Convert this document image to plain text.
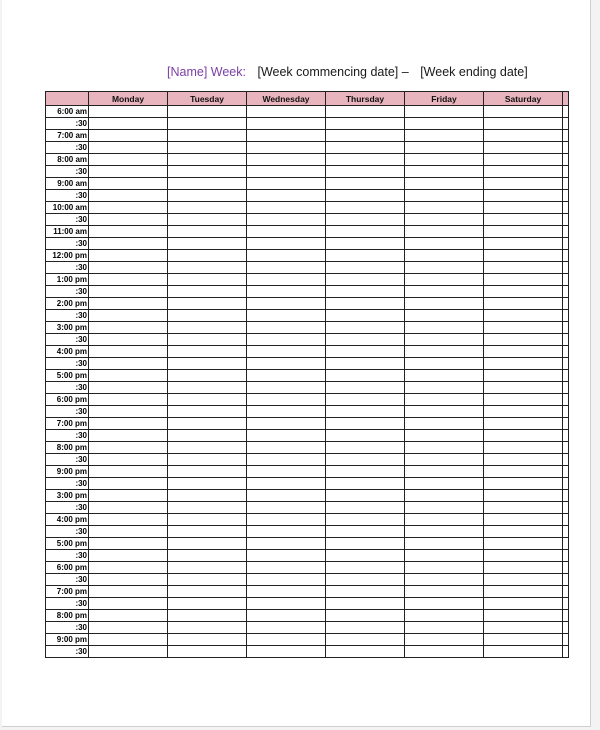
[Name] Week: [Week commencing date] – [Week ending date]
	Monday	Tuesday	Wednesday	Thursday	Friday	Saturday	
6:00 am							
:30							
7:00 am							
:30							
8:00 am							
:30							
9:00 am							
:30							
10:00 am							
:30							
11:00 am							
:30							
12:00 pm							
:30							
1:00 pm							
:30							
2:00 pm							
:30							
3:00 pm							
:30							
4:00 pm							
:30							
5:00 pm							
:30							
6:00 pm							
:30							
7:00 pm							
:30							
8:00 pm							
:30							
9:00 pm							
:30							
3:00 pm							
:30							
4:00 pm							
:30							
5:00 pm							
:30							
6:00 pm							
:30							
7:00 pm							
:30							
8:00 pm							
:30							
9:00 pm							
:30							
